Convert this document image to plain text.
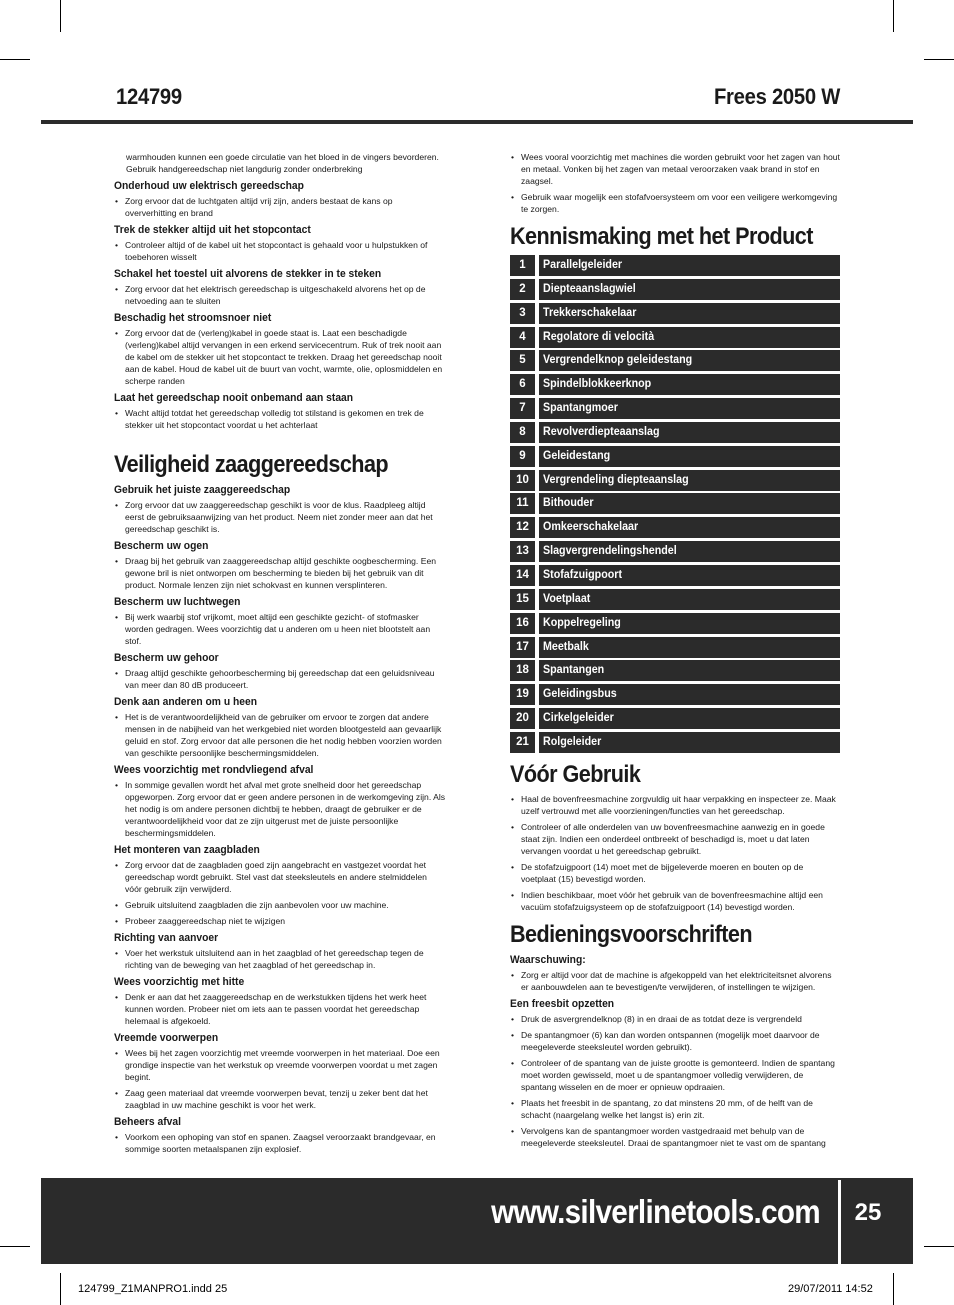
124799	Frees 2050 W
warmhouden kunnen een goede circulatie van het bloed in de vingers bevorderen. Gebruik handgereedschap niet langdurig zonder onderbreking
Onderhoud uw elektrisch gereedschap
• Zorg ervoor dat de luchtgaten altijd vrij zijn, anders bestaat de kans op oververhitting en brand
Trek de stekker altijd uit het stopcontact
• Controleer altijd of de kabel uit het stopcontact is gehaald voor u hulpstukken of toebehoren wisselt
Schakel het toestel uit alvorens de stekker in te steken
• Zorg ervoor dat het elektrisch gereedschap is uitgeschakeld alvorens het op de netvoeding aan te sluiten
Beschadig het stroomsnoer niet
• Zorg ervoor dat de (verleng)kabel in goede staat is. Laat een beschadigde (verleng)kabel altijd vervangen in een erkend servicecentrum. Ruk of trek nooit aan de kabel om de stekker uit het stopcontact te trekken. Draag het gereedschap nooit aan de kabel. Houd de kabel uit de buurt van vocht, warmte, olie, oplosmiddelen en scherpe randen
Laat het gereedschap nooit onbemand aan staan
• Wacht altijd totdat het gereedschap volledig tot stilstand is gekomen en trek de stekker uit het stopcontact voordat u het achterlaat
Veiligheid zaaggereedschap
Gebruik het juiste zaaggereedschap
• Zorg ervoor dat uw zaaggereedschap geschikt is voor de klus. Raadpleeg altijd eerst de gebruiksaanwijzing van het product. Neem niet zonder meer aan dat het gereedschap geschikt is.
Bescherm uw ogen
• Draag bij het gebruik van zaaggereedschap altijd geschikte oogbescherming. Een gewone bril is niet ontworpen om bescherming te bieden bij het gebruik van dit product. Normale lenzen zijn niet schokvast en kunnen versplinteren.
Bescherm uw luchtwegen
• Bij werk waarbij stof vrijkomt, moet altijd een geschikte gezicht- of stofmasker worden gedragen. Wees voorzichtig dat u anderen om u heen niet blootstelt aan stof.
Bescherm uw gehoor
• Draag altijd geschikte gehoorbescherming bij gereedschap dat een geluidsniveau van meer dan 80 dB produceert.
Denk aan anderen om u heen
• Het is de verantwoordelijkheid van de gebruiker om ervoor te zorgen dat andere mensen in de nabijheid van het werkgebied niet worden blootgesteld aan gevaarlijk geluid en stof. Zorg ervoor dat alle personen die het nodig hebben voorzien worden van geschikte persoonlijke beschermingsmiddelen.
Wees voorzichtig met rondvliegend afval
• In sommige gevallen wordt het afval met grote snelheid door het gereedschap opgeworpen. Zorg ervoor dat er geen andere personen in de werkomgeving zijn. Als het nodig is om andere personen dichtbij te hebben, draagt de gebruiker er de verantwoordelijkheid voor dat ze zijn uitgerust met de juiste persoonlijke beschermingsmiddelen.
Het monteren van zaagbladen
• Zorg ervoor dat de zaagbladen goed zijn aangebracht en vastgezet voordat het gereedschap wordt gebruikt. Stel vast dat steeksleutels en andere stelmiddelen vóór gebruik zijn verwijderd.
• Gebruik uitsluitend zaagbladen die zijn aanbevolen voor uw machine.
• Probeer zaaggereedschap niet te wijzigen
Richting van aanvoer
• Voer het werkstuk uitsluitend aan in het zaagblad of het gereedschap tegen de richting van de beweging van het zaagblad of het gereedschap in.
Wees voorzichtig met hitte
• Denk er aan dat het zaaggereedschap en de werkstukken tijdens het werk heet kunnen worden. Probeer niet om iets aan te passen voordat het gereedschap helemaal is afgekoeld.
Vreemde voorwerpen
• Wees bij het zagen voorzichtig met vreemde voorwerpen in het materiaal. Doe een grondige inspectie van het werkstuk op vreemde voorwerpen voordat u met zagen begint.
• Zaag geen materiaal dat vreemde voorwerpen bevat, tenzij u zeker bent dat het zaagblad in uw machine geschikt is voor het werk.
Beheers afval
• Voorkom een ophoping van stof en spanen. Zaagsel veroorzaakt brandgevaar, en sommige soorten metaalspanen zijn explosief.
• Wees vooral voorzichtig met machines die worden gebruikt voor het zagen van hout en metaal. Vonken bij het zagen van metaal veroorzaken vaak brand in stof en zaagsel.
• Gebruik waar mogelijk een stofafvoersysteem om voor een veiligere werkomgeving te zorgen.
Kennismaking met het Product
1	Parallelgeleider
2	Diepteaanslagwiel
3	Trekkerschakelaar
4	Regolatore di velocità
5	Vergrendelknop geleidestang
6	Spindelblokkeerknop
7	Spantangmoer
8	Revolverdiepteaanslag
9	Geleidestang
10	Vergrendeling diepteaanslag
11	Bithouder
12	Omkeerschakelaar
13	Slagvergrendelingshendel
14	Stofafzuigpoort
15	Voetplaat
16	Koppelregeling
17	Meetbalk
18	Spantangen
19	Geleidingsbus
20	Cirkelgeleider
21	Rolgeleider
Vóór Gebruik
• Haal de bovenfreesmachine zorgvuldig uit haar verpakking en inspecteer ze. Maak uzelf vertrouwd met alle voorzieningen/functies van het gereedschap.
• Controleer of alle onderdelen van uw bovenfreesmachine aanwezig en in goede staat zijn. Indien een onderdeel ontbreekt of beschadigd is, moet u dat laten vervangen voordat u het gereedschap gebruikt.
• De stofafzuigpoort (14) moet met de bijgeleverde moeren en bouten op de voetplaat (15) bevestigd worden.
• Indien beschikbaar, moet vóór het gebruik van de bovenfreesmachine altijd een vacuüm stofafzuigsysteem op de stofafzuigpoort (14) bevestigd worden.
Bedieningsvoorschriften
Waarschuwing:
• Zorg er altijd voor dat de machine is afgekoppeld van het elektriciteitsnet alvorens er aanbouwdelen aan te bevestigen/te verwijderen, of instellingen te wijzigen.
Een freesbit opzetten
• Druk de asvergrendelknop (8) in en draai de as totdat deze is vergrendeld
• De spantangmoer (6) kan dan worden ontspannen (mogelijk moet daarvoor de meegeleverde steeksleutel worden gebruikt).
• Controleer of de spantang van de juiste grootte is gemonteerd. Indien de spantang moet worden gewisseld, moet u de spantangmoer volledig verwijderen, de spantang wisselen en de moer er opnieuw opdraaien.
• Plaats het freesbit in de spantang, zo dat minstens 20 mm, of de helft van de schacht (naargelang welke het langst is) erin zit.
• Vervolgens kan de spantangmoer worden vastgedraaid met behulp van de meegeleverde steeksleutel. Draai de spantangmoer niet te vast om de spantang
www.silverlinetools.com	25
124799_Z1MANPRO1.indd 25	29/07/2011 14:52
